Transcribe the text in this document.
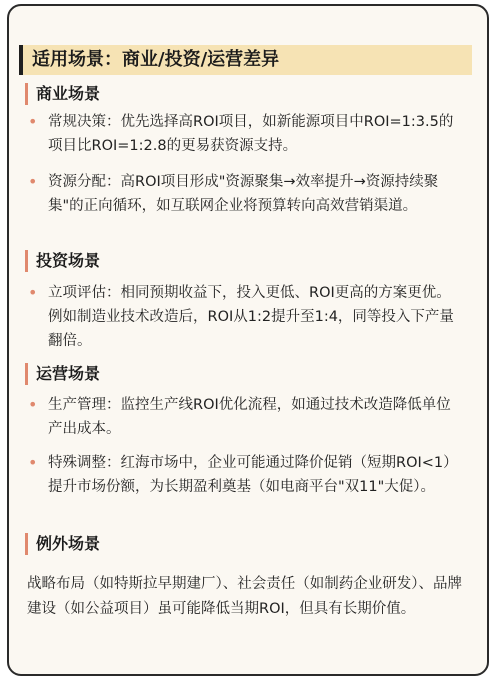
适用场景：商业/投资/运营差异
商业场景
• 常规决策：优先选择高ROI项目，如新能源项目中ROI=1:3.5的项目比ROI=1:2.8的更易获资源支持。
• 资源分配：高ROI项目形成"资源聚集→效率提升→资源持续聚集"的正向循环，如互联网企业将预算转向高效营销渠道。
投资场景
• 立项评估：相同预期收益下，投入更低、ROI更高的方案更优。例如制造业技术改造后，ROI从1:2提升至1:4，同等投入下产量翻倍。
运营场景
• 生产管理：监控生产线ROI优化流程，如通过技术改造降低单位产出成本。
• 特殊调整：红海市场中，企业可能通过降价促销（短期ROI<1）提升市场份额，为长期盈利奠基（如电商平台"双11"大促）。
例外场景
战略布局（如特斯拉早期建厂）、社会责任（如制药企业研发）、品牌建设（如公益项目）虽可能降低当期ROI，但具有长期价值。
